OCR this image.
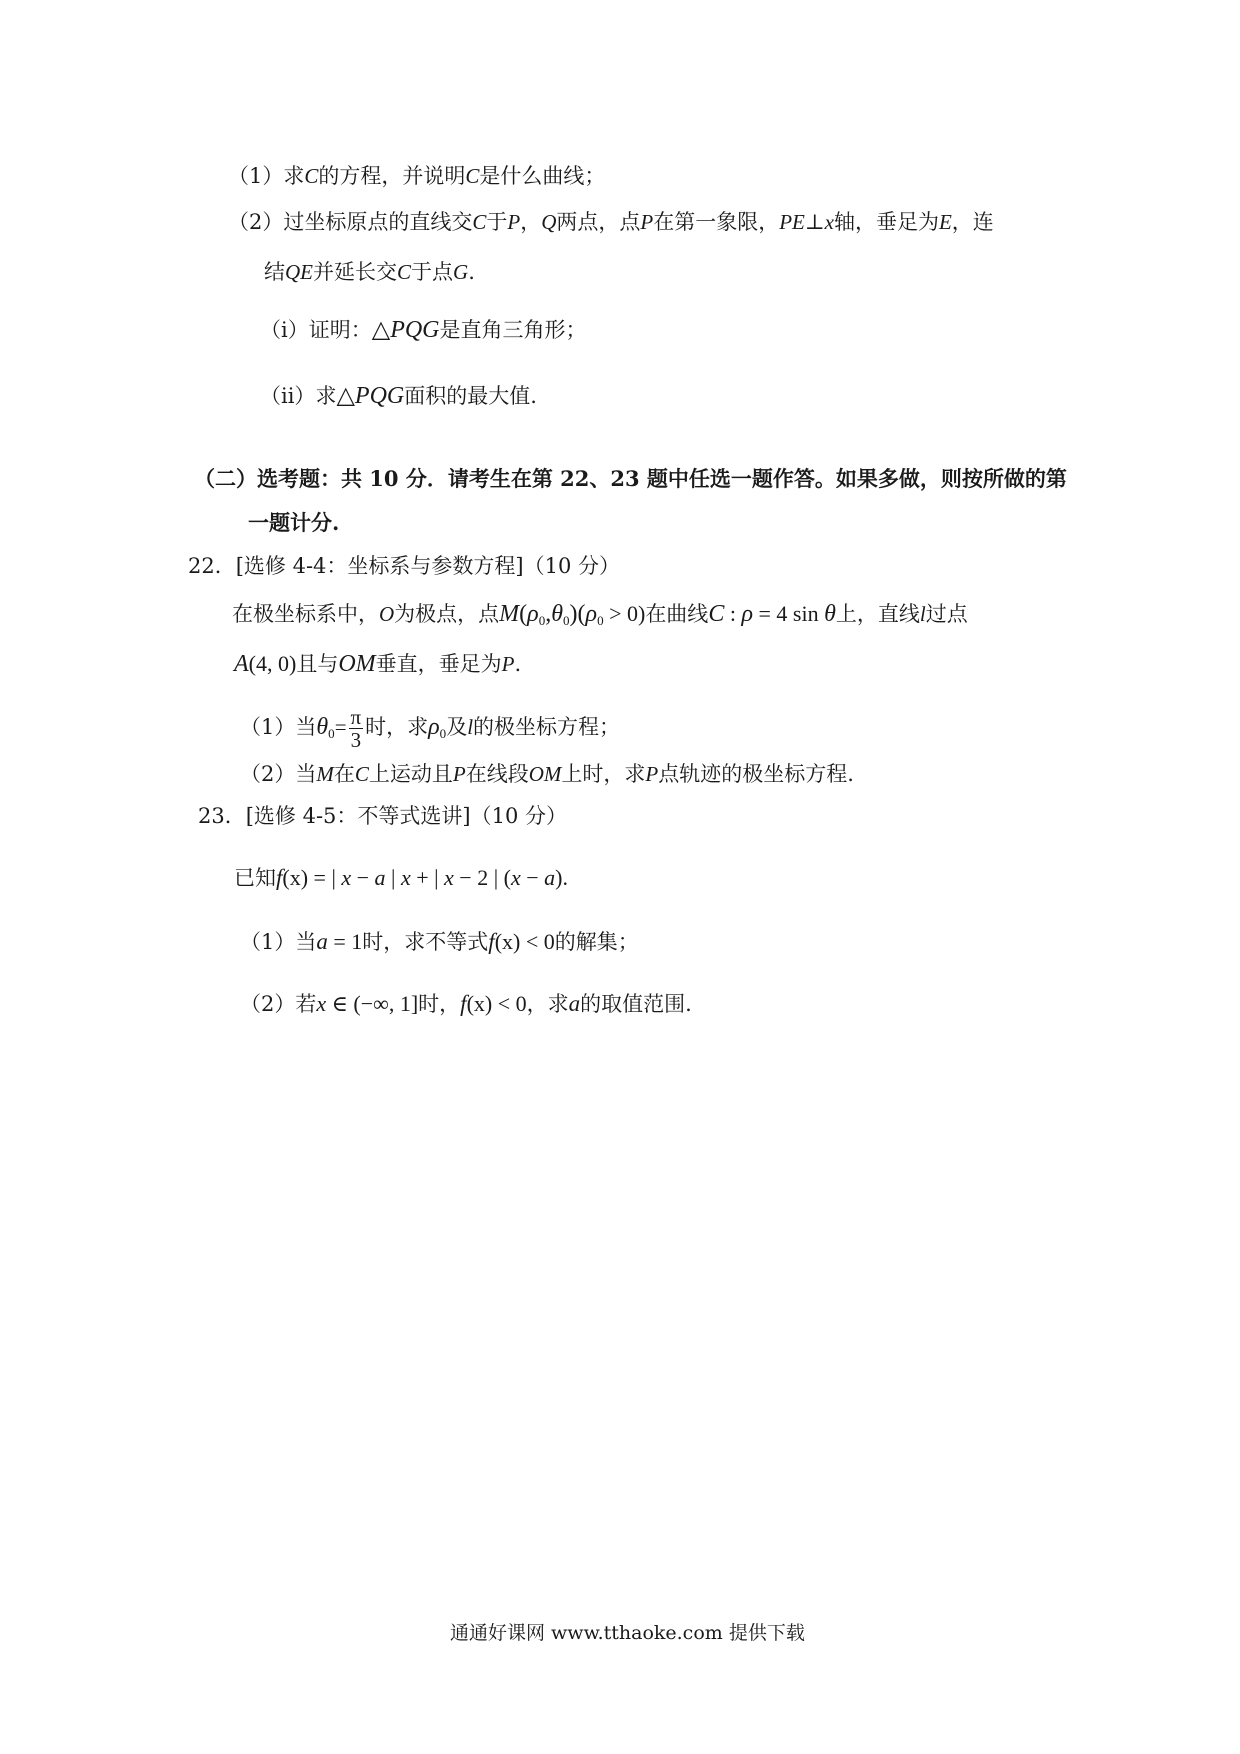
（1）求C的方程，并说明C是什么曲线；
（2）过坐标原点的直线交C于P，Q两点，点P在第一象限，PE⊥x轴，垂足为E，连
结QE并延长交C于点G.
（i）证明：△PQG是直角三角形；
（ii）求△PQG面积的最大值.
（二）选考题：共 10 分．请考生在第 22、23 题中任选一题作答。如果多做，则按所做的第
一题计分.
22．[选修 4-4：坐标系与参数方程]（10 分）
在极坐标系中，O为极点，点$M(\rho_0,\theta_0)(\rho_0 > 0)$在曲线C : ρ = 4 sin θ上，直线l过点
A(4, 0)且与OM垂直，垂足为P.
（1）当$\theta_0= \frac{\pi}{3}$ 时，求$\rho_0$及l的极坐标方程；
（2）当M在C上运动且P在线段OM上时，求P点轨迹的极坐标方程.
23．[选修 4-5：不等式选讲]（10 分）
已知f(x) = | x − a | x + | x − 2 | (x − a).
（1）当a = 1时，求不等式f(x) < 0的解集；
（2）若x ∈ (−∞, 1]时，f(x) < 0，求a的取值范围.
通通好课网 www.tthaoke.com 提供下载
